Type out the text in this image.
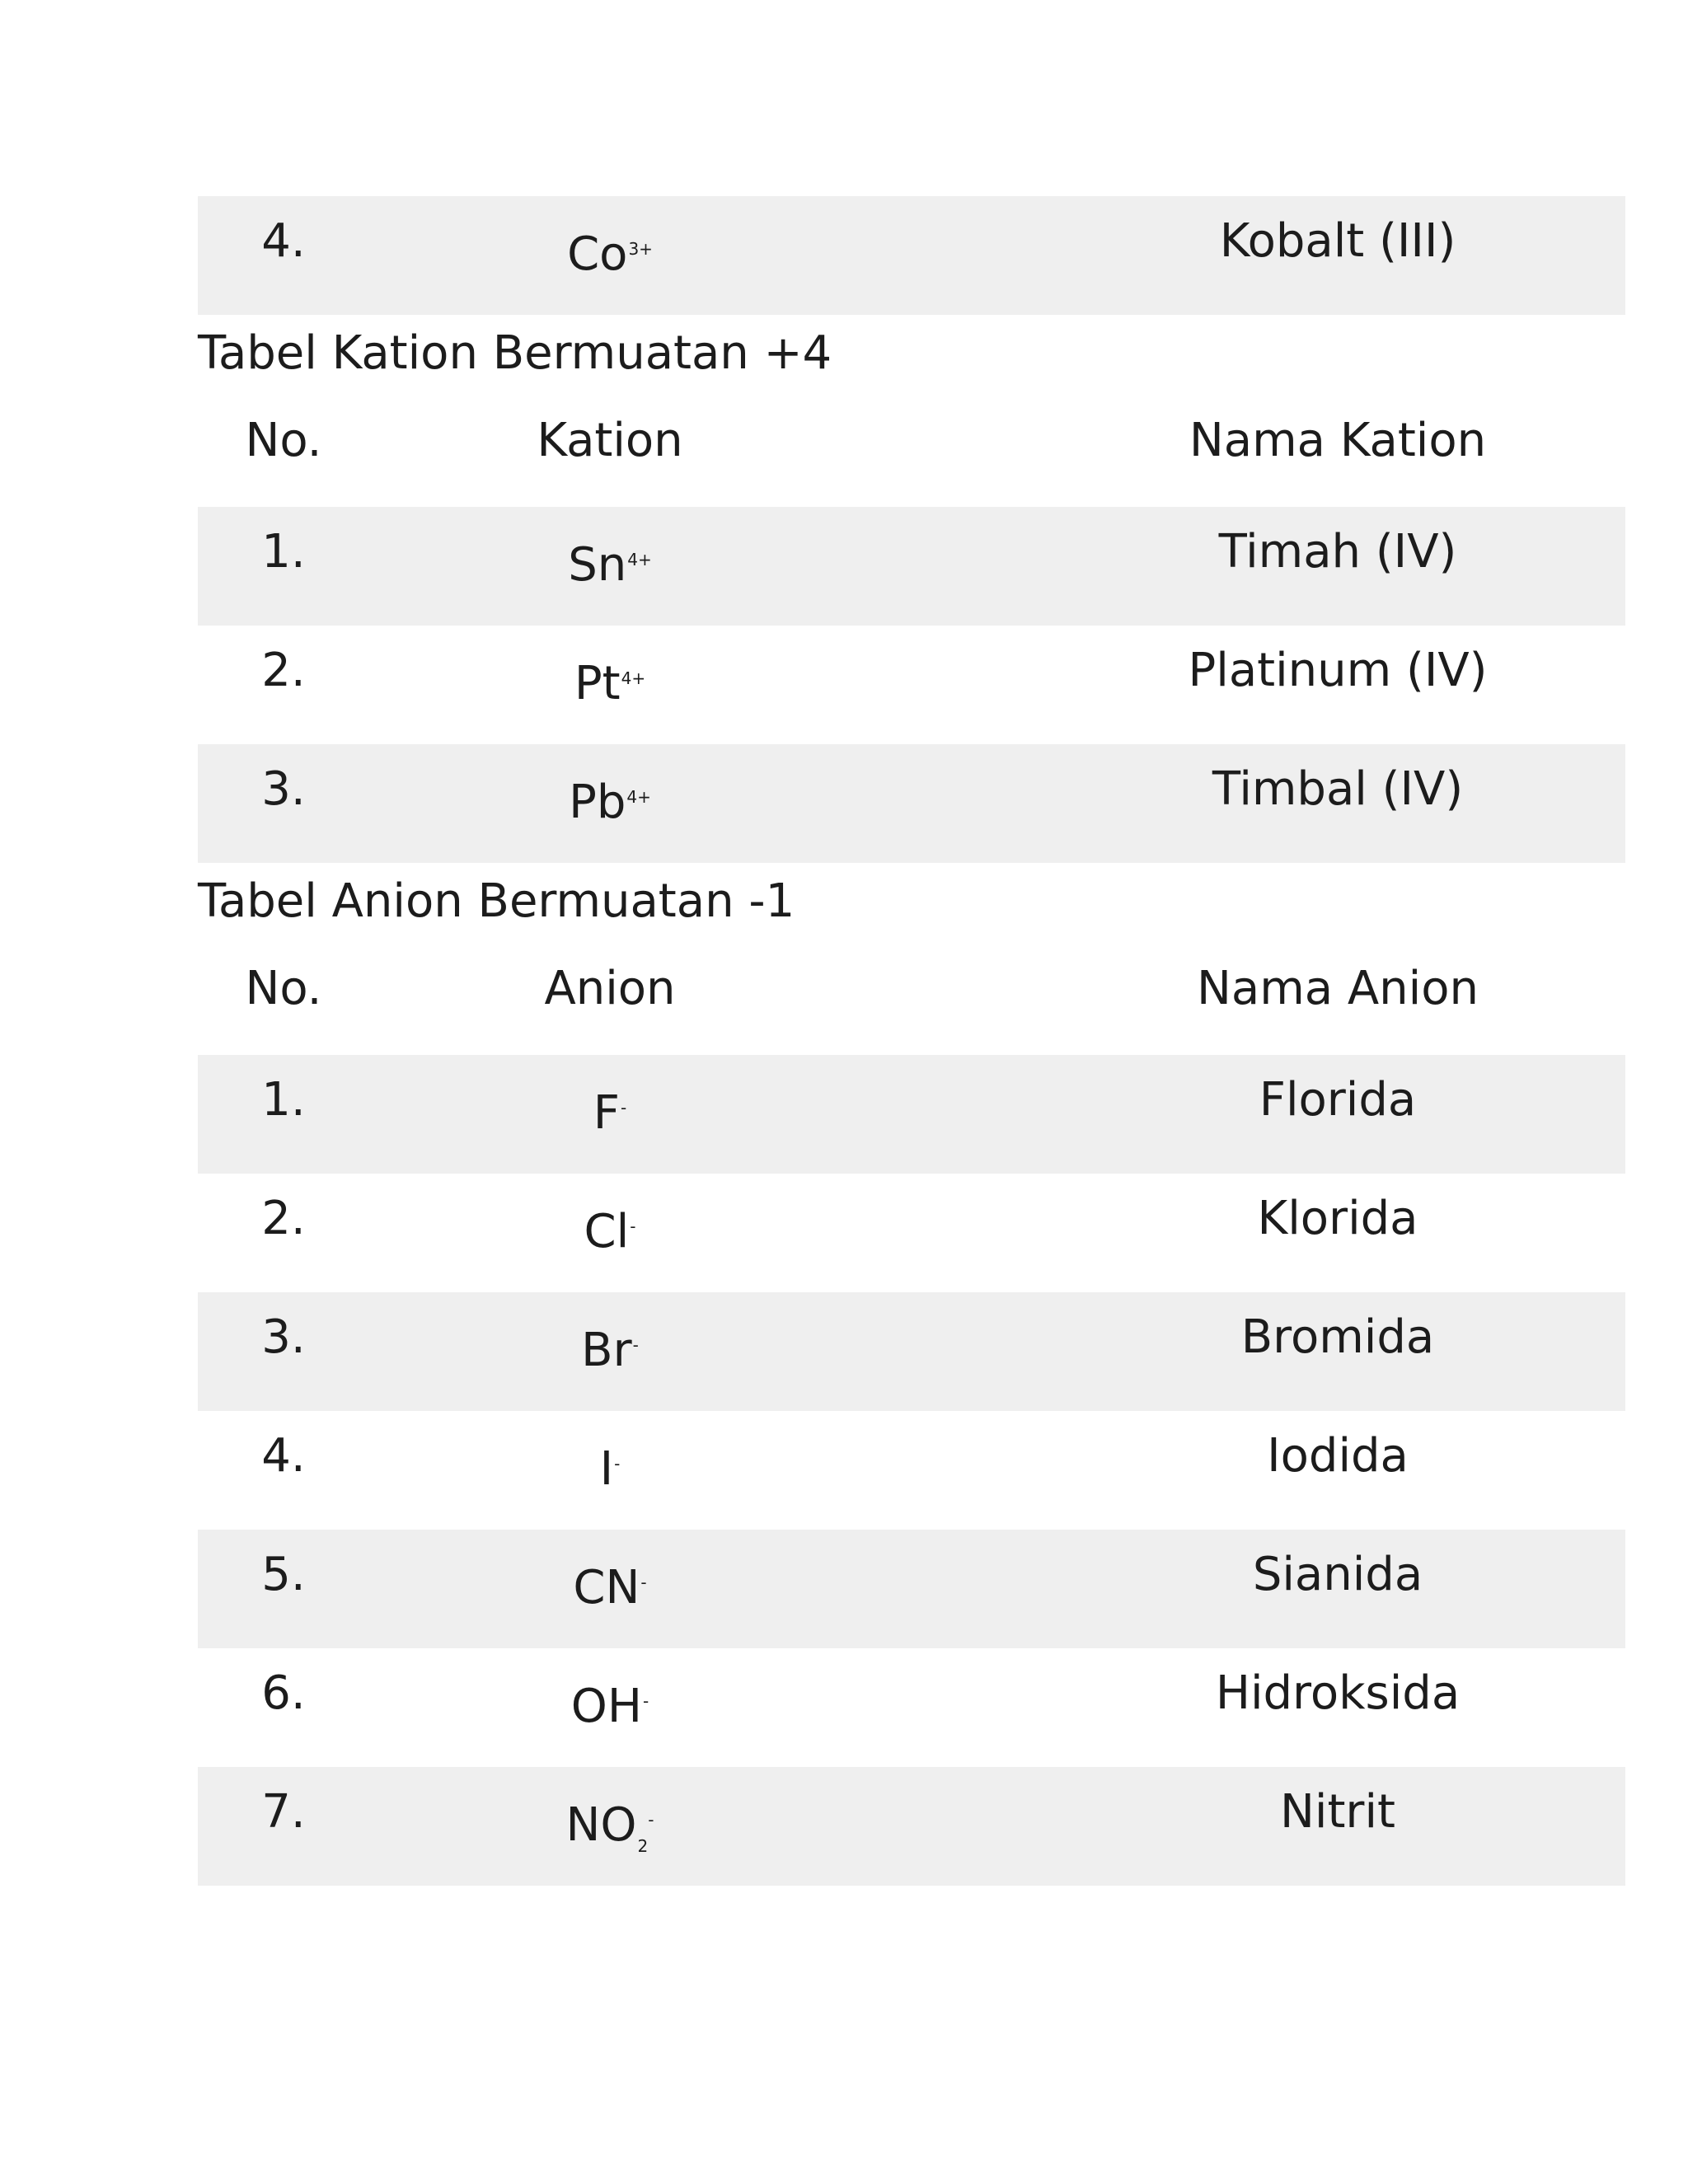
4.	$Co^{3+}$	Kobalt (III)
Tabel Kation Bermuatan +4
No.	Kation	Nama Kation
1.	$Sn^{4+}$	Timah (IV)
2.	$Pt^{4+}$	Platinum (IV)
3.	$Pb^{4+}$	Timbal (IV)
Tabel Anion Bermuatan -1
No.	Anion	Nama Anion
1.	F-	Florida
2.	Cl-	Klorida
3.	Br-	Bromida
4.	I-	Iodida
5.	CN-	Sianida
6.	OH-	Hidroksida
7.	$NO_2^-$	Nitrit
